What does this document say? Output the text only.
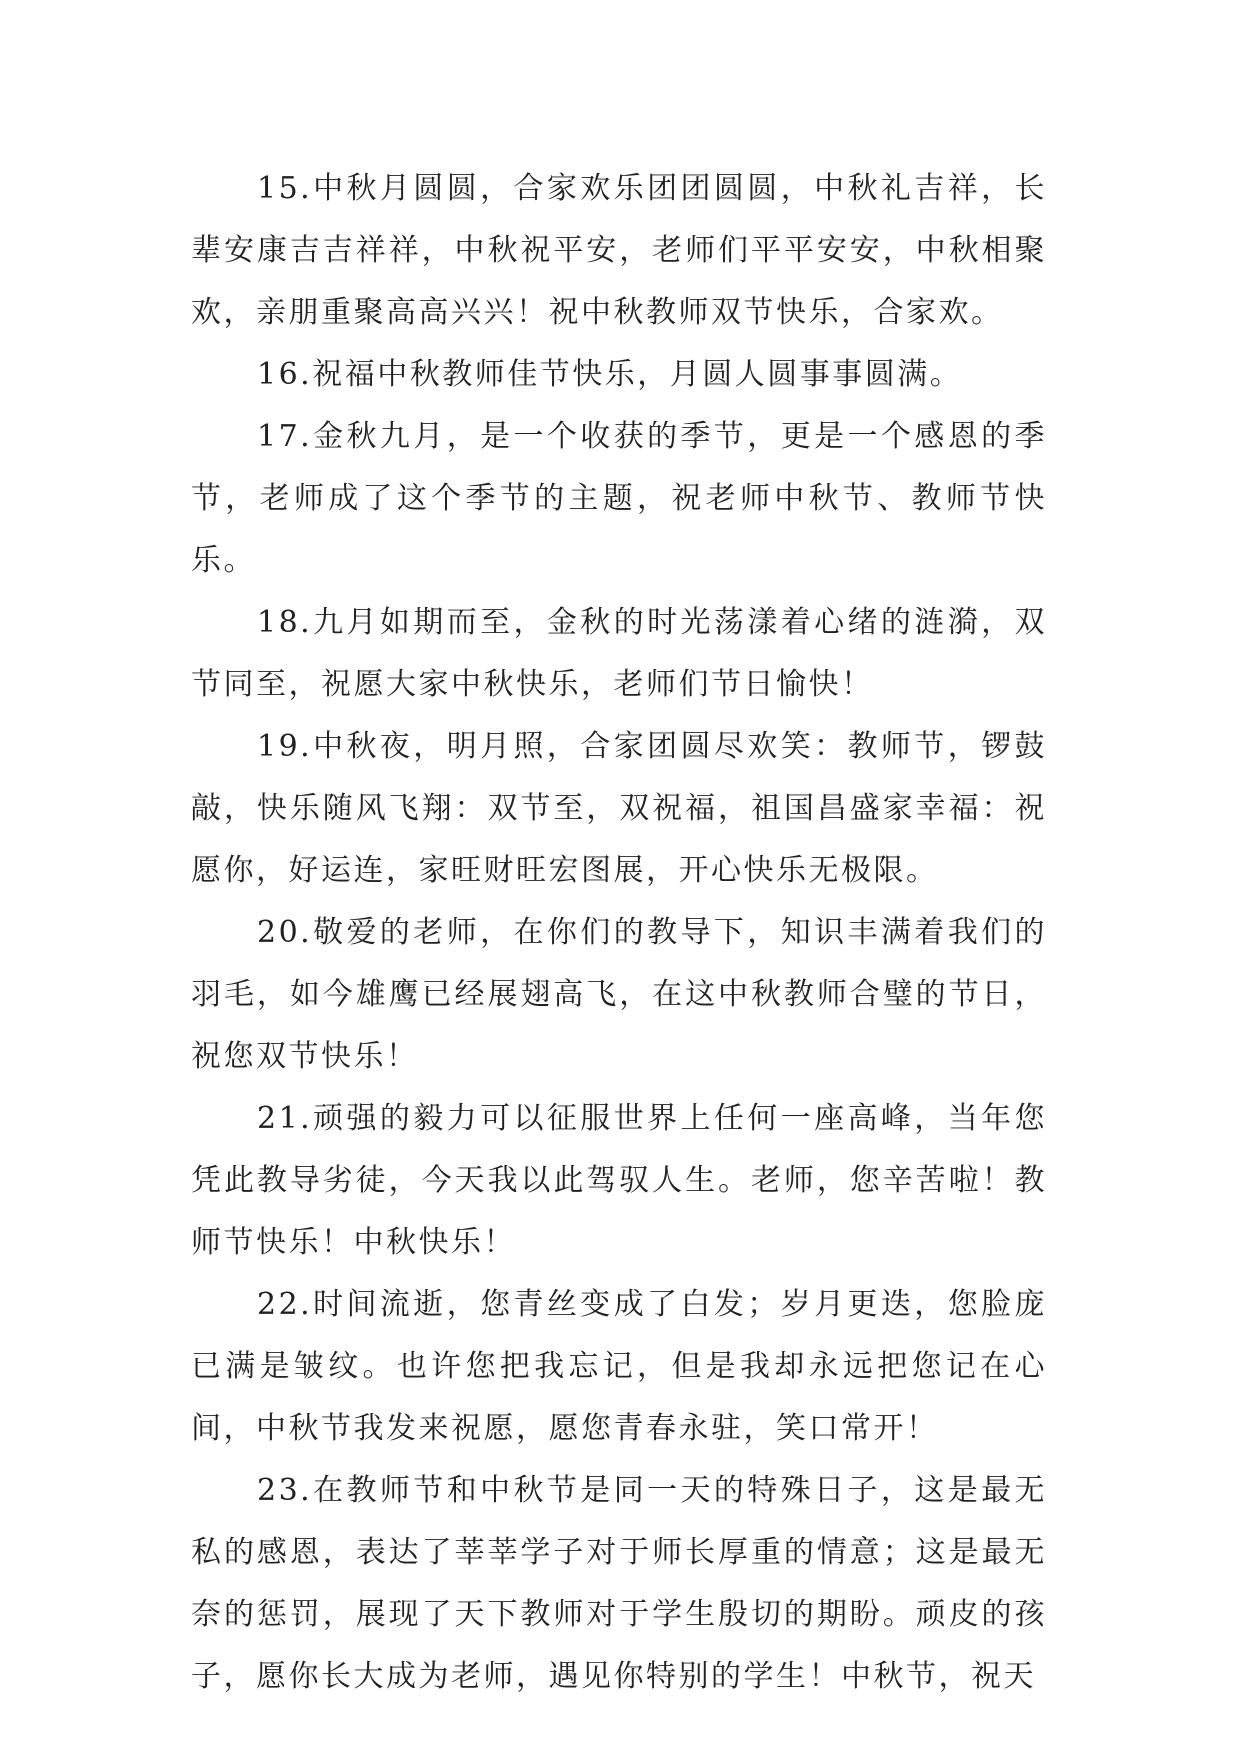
15.中秋月圆圆，合家欢乐团团圆圆，中秋礼吉祥，长辈安康吉吉祥祥，中秋祝平安，老师们平平安安，中秋相聚欢，亲朋重聚高高兴兴！祝中秋教师双节快乐，合家欢。

16.祝福中秋教师佳节快乐，月圆人圆事事圆满。

17.金秋九月，是一个收获的季节，更是一个感恩的季节，老师成了这个季节的主题，祝老师中秋节、教师节快乐。

18.九月如期而至，金秋的时光荡漾着心绪的涟漪，双节同至，祝愿大家中秋快乐，老师们节日愉快！

19.中秋夜，明月照，合家团圆尽欢笑：教师节，锣鼓敲，快乐随风飞翔：双节至，双祝福，祖国昌盛家幸福：祝愿你，好运连，家旺财旺宏图展，开心快乐无极限。

20.敬爱的老师，在你们的教导下，知识丰满着我们的羽毛，如今雄鹰已经展翅高飞，在这中秋教师合璧的节日，祝您双节快乐！

21.顽强的毅力可以征服世界上任何一座高峰，当年您凭此教导劣徒，今天我以此驾驭人生。老师，您辛苦啦！教师节快乐！中秋快乐！

22.时间流逝，您青丝变成了白发；岁月更迭，您脸庞已满是皱纹。也许您把我忘记，但是我却永远把您记在心间，中秋节我发来祝愿，愿您青春永驻，笑口常开！

23.在教师节和中秋节是同一天的特殊日子，这是最无私的感恩，表达了莘莘学子对于师长厚重的情意；这是最无奈的惩罚，展现了天下教师对于学生殷切的期盼。顽皮的孩子，愿你长大成为老师，遇见你特别的学生！中秋节，祝天
